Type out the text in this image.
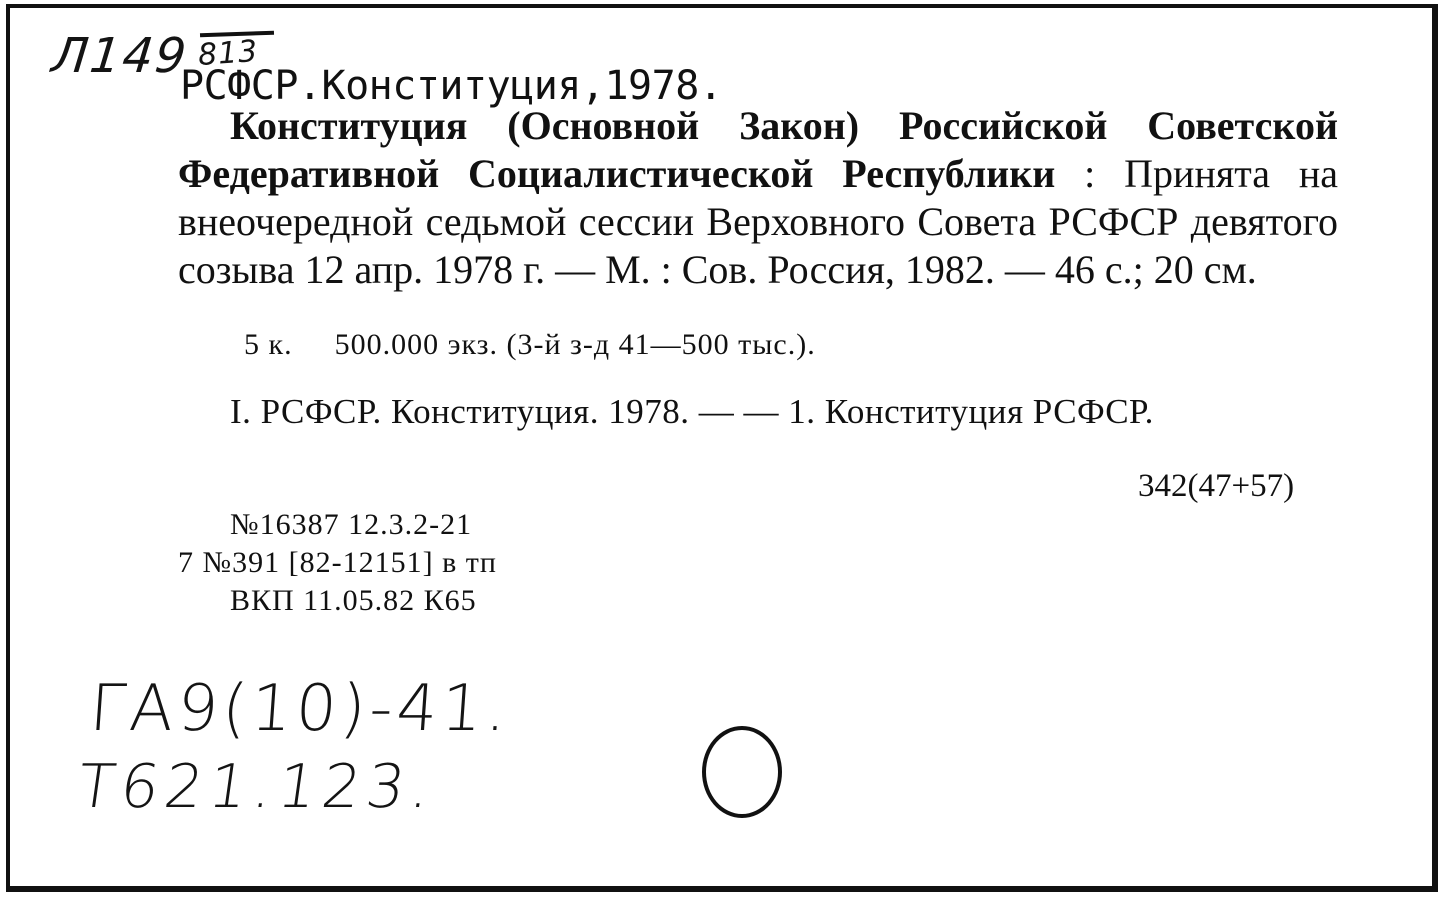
Л149 813
РСФСР.Конституция,1978.
Конституция (Основной Закон) Российской Советской Федеративной Социалистической Республики : Принята на внеочередной седьмой сессии Верховного Совета РСФСР девятого созыва 12 апр. 1978 г. — М. : Сов. Россия, 1982. — 46 с.; 20 см.
5 к. 500.000 экз. (3-й з-д 41—500 тыс.).
I. РСФСР. Конституция. 1978. — — 1. Конституция РСФСР.
342(47+57)
№16387 12.3.2-21
7 №391 [82-12151] в тп
ВКП 11.05.82 К65
ГА9(10)-41.
Т621.123.
